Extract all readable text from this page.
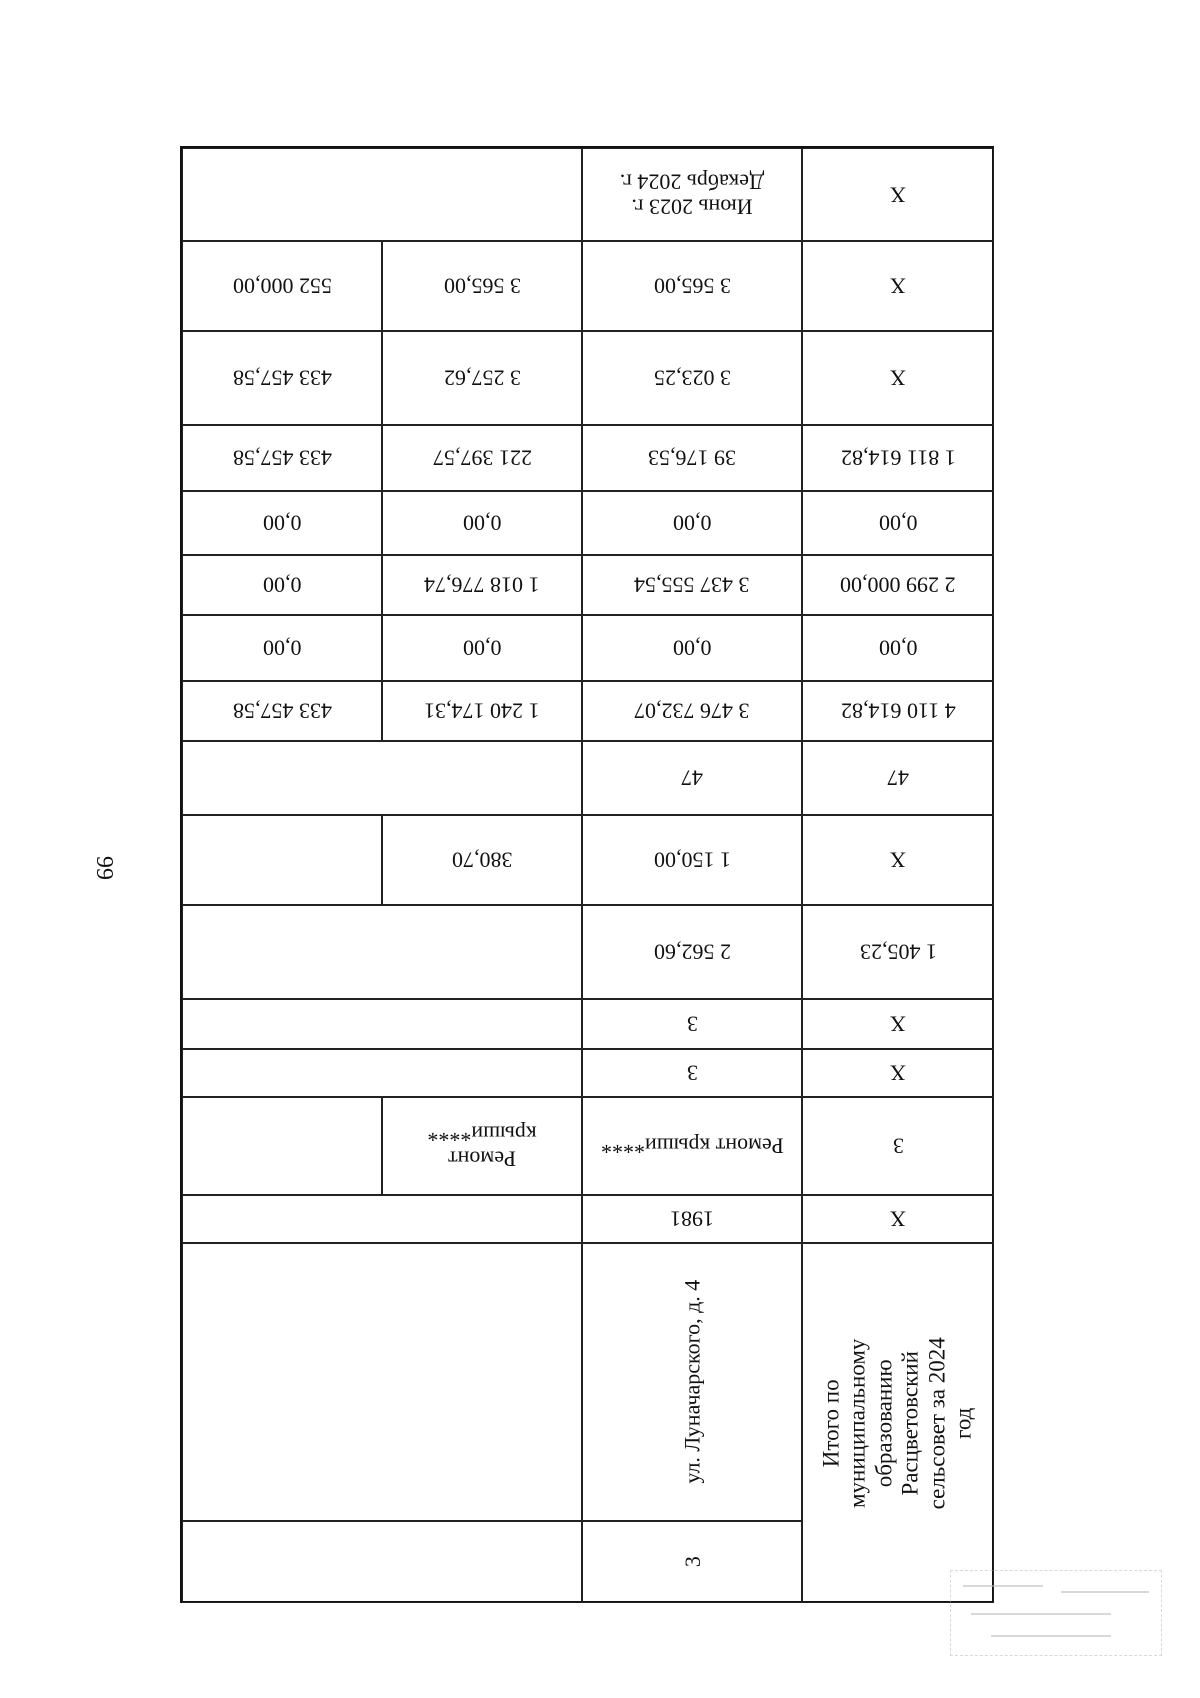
99
X
Июнь 2023 г. Декабрь 2024 г.
X
3 565,00
3 565,00
552 000,00
X
3 023,25
3 257,62
433 457,58
1 811 614,82
39 176,53
221 397,57
433 457,58
0,00
0,00
0,00
0,00
2 299 000,00
3 437 555,54
1 018 776,74
0,00
0,00
0,00
0,00
0,00
4 110 614,82
3 476 732,07
1 240 174,31
433 457,58
47
47
X
1 150,00
380,70
1 405,23
2 562,60
X
3
X
3
3
Ремонт крыши****
Ремонт крыши****
X
1981
Итого по муниципальному образованию Расцветовский сельсовет за 2024 год
ул. Луначарского, д. 4
3
